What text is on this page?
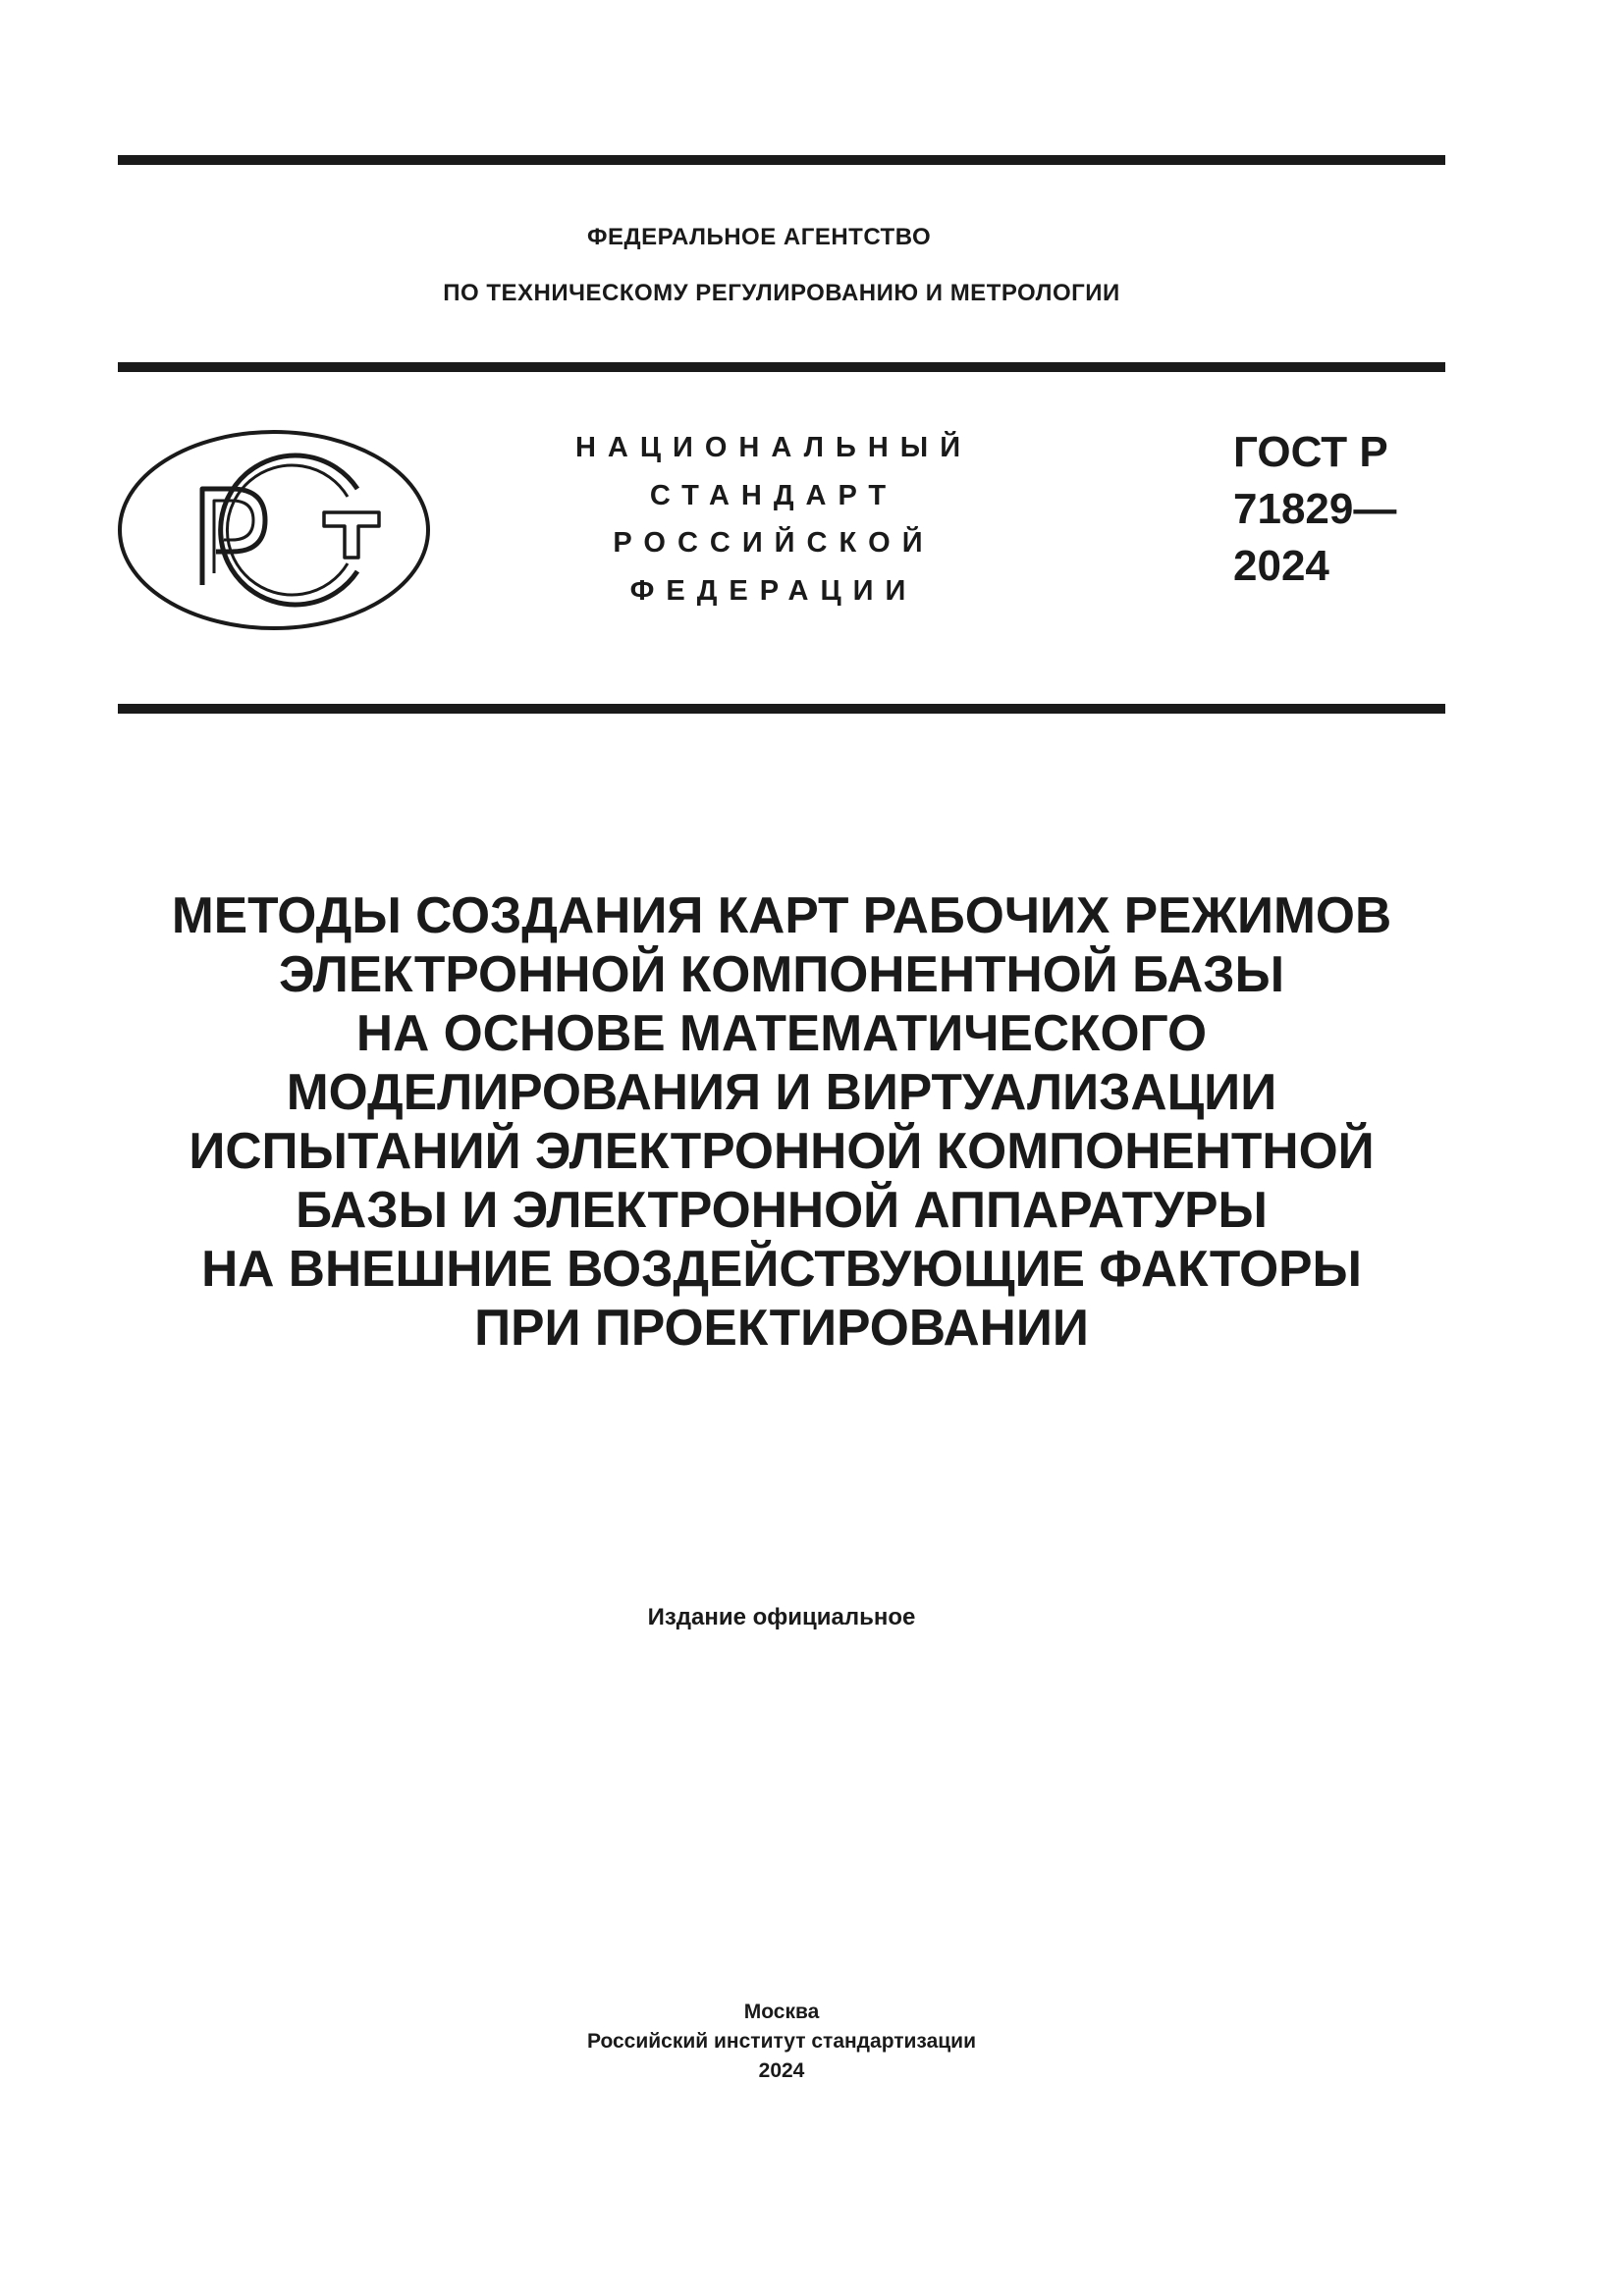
ФЕДЕРАЛЬНОЕ АГЕНТСТВО
ПО ТЕХНИЧЕСКОМУ РЕГУЛИРОВАНИЮ И МЕТРОЛОГИИ
НАЦИОНАЛЬНЫЙ
СТАНДАРТ
РОССИЙСКОЙ
ФЕДЕРАЦИИ
ГОСТ Р
71829—
2024
МЕТОДЫ СОЗДАНИЯ КАРТ РАБОЧИХ РЕЖИМОВ
ЭЛЕКТРОННОЙ КОМПОНЕНТНОЙ БАЗЫ
НА ОСНОВЕ МАТЕМАТИЧЕСКОГО
МОДЕЛИРОВАНИЯ И ВИРТУАЛИЗАЦИИ
ИСПЫТАНИЙ ЭЛЕКТРОННОЙ КОМПОНЕНТНОЙ
БАЗЫ И ЭЛЕКТРОННОЙ АППАРАТУРЫ
НА ВНЕШНИЕ ВОЗДЕЙСТВУЮЩИЕ ФАКТОРЫ
ПРИ ПРОЕКТИРОВАНИИ
Издание официальное
Москва
Российский институт стандартизации
2024
